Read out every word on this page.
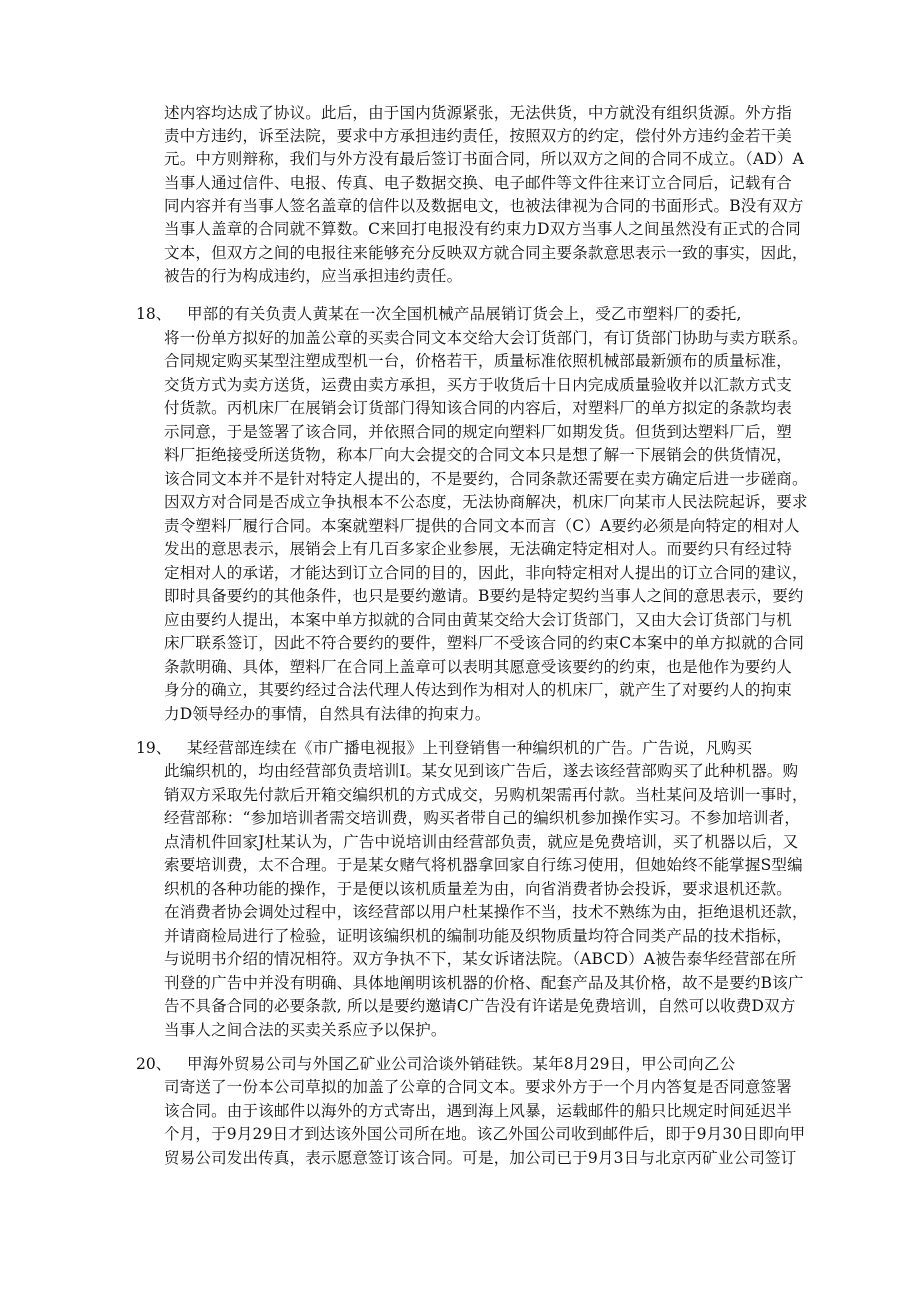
述内容均达成了协议。此后，由于国内货源紧张，无法供货，中方就没有组织货源。外方指
责中方违约，诉至法院，要求中方承担违约责任，按照双方的约定，偿付外方违约金若干美
元。中方则辩称，我们与外方没有最后签订书面合同，所以双方之间的合同不成立。（AD）A
当事人通过信件、电报、传真、电子数据交换、电子邮件等文件往来订立合同后，记载有合
同内容并有当事人签名盖章的信件以及数据电文，也被法律视为合同的书面形式。B没有双方
当事人盖章的合同就不算数。C来回打电报没有约束力D双方当事人之间虽然没有正式的合同
文本，但双方之间的电报往来能够充分反映双方就合同主要条款意思表示一致的事实，因此，
被告的行为构成违约，应当承担违约责任。
18、 甲部的有关负责人黄某在一次全国机械产品展销订货会上，受乙市塑料厂的委托,
将一份单方拟好的加盖公章的买卖合同文本交给大会订货部门，有订货部门协助与卖方联系。
合同规定购买某型注塑成型机一台，价格若干，质量标准依照机械部最新颁布的质量标准，
交货方式为卖方送货，运费由卖方承担，买方于收货后十日内完成质量验收并以汇款方式支
付货款。丙机床厂在展销会订货部门得知该合同的内容后，对塑料厂的单方拟定的条款均表
示同意，于是签署了该合同，并依照合同的规定向塑料厂如期发货。但货到达塑料厂后，塑
料厂拒绝接受所送货物，称本厂向大会提交的合同文本只是想了解一下展销会的供货情况，
该合同文本并不是针对特定人提出的，不是要约，合同条款还需要在卖方确定后进一步磋商。
因双方对合同是否成立争执根本不公态度，无法协商解决，机床厂向某市人民法院起诉，要求
责令塑料厂履行合同。本案就塑料厂提供的合同文本而言（C）A要约必须是向特定的相对人
发出的意思表示，展销会上有几百多家企业参展，无法确定特定相对人。而要约只有经过特
定相对人的承诺，才能达到订立合同的目的，因此，非向特定相对人提出的订立合同的建议，
即时具备要约的其他条件，也只是要约邀请。B要约是特定契约当事人之间的意思表示，要约
应由要约人提出，本案中单方拟就的合同由黄某交给大会订货部门，又由大会订货部门与机
床厂联系签订，因此不符合要约的要件，塑料厂不受该合同的约束C本案中的单方拟就的合同
条款明确、具体，塑料厂在合同上盖章可以表明其愿意受该要约的约束，也是他作为要约人
身分的确立，其要约经过合法代理人传达到作为相对人的机床厂，就产生了对要约人的拘束
力D领导经办的事情，自然具有法律的拘束力。
19、 某经营部连续在《市广播电视报》上刊登销售一种编织机的广告。广告说，凡购买
此编织机的，均由经营部负责培训I。某女见到该广告后，遂去该经营部购买了此种机器。购
销双方采取先付款后开箱交编织机的方式成交，另购机架需再付款。当杜某问及培训一事时，
经营部称：“参加培训者需交培训费，购买者带自己的编织机参加操作实习。不参加培训者，
点清机件回家J杜某认为，广告中说培训由经营部负责，就应是免费培训，买了机器以后，又
索要培训费，太不合理。于是某女赌气将机器拿回家自行练习使用，但她始终不能掌握S型编
织机的各种功能的操作，于是便以该机质量差为由，向省消费者协会投诉，要求退机还款。
在消费者协会调处过程中，该经营部以用户杜某操作不当，技术不熟练为由，拒绝退机还款，
并请商检局进行了检验，证明该编织机的编制功能及织物质量均符合同类产品的技术指标，
与说明书介绍的情况相符。双方争执不下，某女诉诸法院。（ABCD）A被告泰华经营部在所
刊登的广告中并没有明确、具体地阐明该机器的价格、配套产品及其价格，故不是要约B该广
告不具备合同的必要条款, 所以是要约邀请C广告没有许诺是免费培训，自然可以收费D双方
当事人之间合法的买卖关系应予以保护。
20、 甲海外贸易公司与外国乙矿业公司洽谈外销硅铁。某年8月29日，甲公司向乙公
司寄送了一份本公司草拟的加盖了公章的合同文本。要求外方于一个月内答复是否同意签署
该合同。由于该邮件以海外的方式寄出，遇到海上风暴，运载邮件的船只比规定时间延迟半
个月，于9月29日才到达该外国公司所在地。该乙外国公司收到邮件后，即于9月30日即向甲
贸易公司发出传真，表示愿意签订该合同。可是，加公司已于9月3日与北京丙矿业公司签订
